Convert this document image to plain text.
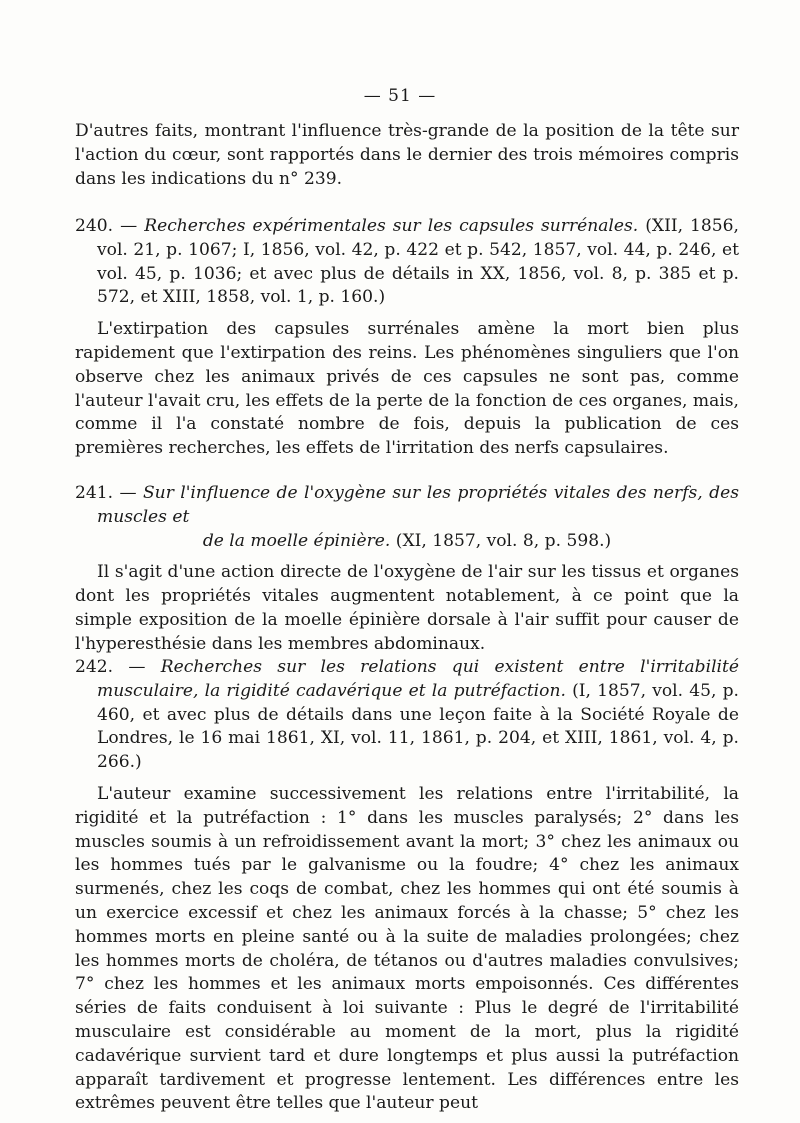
— 51 —

D'autres faits, montrant l'influence très-grande de la position de la tête sur l'action du cœur, sont rapportés dans le dernier des trois mémoires compris dans les indications du n° 239.

240. — Recherches expérimentales sur les capsules surrénales. (XII, 1856, vol. 21, p. 1067; I, 1856, vol. 42, p. 422 et p. 542, 1857, vol. 44, p. 246, et vol. 45, p. 1036; et avec plus de détails in XX, 1856, vol. 8, p. 385 et p. 572, et XIII, 1858, vol. 1, p. 160.)

L'extirpation des capsules surrénales amène la mort bien plus rapidement que l'extirpation des reins. Les phénomènes singuliers que l'on observe chez les animaux privés de ces capsules ne sont pas, comme l'auteur l'avait cru, les effets de la perte de la fonction de ces organes, mais, comme il l'a constaté nombre de fois, depuis la publication de ces premières recherches, les effets de l'irritation des nerfs capsulaires.

241. — Sur l'influence de l'oxygène sur les propriétés vitales des nerfs, des muscles et

de la moelle épinière. (XI, 1857, vol. 8, p. 598.)

Il s'agit d'une action directe de l'oxygène de l'air sur les tissus et organes dont les propriétés vitales augmentent notablement, à ce point que la simple exposition de la moelle épinière dorsale à l'air suffit pour causer de l'hyperesthésie dans les membres abdominaux.

242. — Recherches sur les relations qui existent entre l'irritabilité musculaire, la rigidité cadavérique et la putréfaction. (I, 1857, vol. 45, p. 460, et avec plus de détails dans une leçon faite à la Société Royale de Londres, le 16 mai 1861, XI, vol. 11, 1861, p. 204, et XIII, 1861, vol. 4, p. 266.)

L'auteur examine successivement les relations entre l'irritabilité, la rigidité et la putréfaction : 1° dans les muscles paralysés; 2° dans les muscles soumis à un refroidissement avant la mort; 3° chez les animaux ou les hommes tués par le galvanisme ou la foudre; 4° chez les animaux surmenés, chez les coqs de combat, chez les hommes qui ont été soumis à un exercice excessif et chez les animaux forcés à la chasse; 5° chez les hommes morts en pleine santé ou à la suite de maladies prolongées; chez les hommes morts de choléra, de tétanos ou d'autres maladies convulsives; 7° chez les hommes et les animaux morts empoisonnés. Ces différentes séries de faits conduisent à loi suivante : Plus le degré de l'irritabilité musculaire est considérable au moment de la mort, plus la rigidité cadavérique survient tard et dure longtemps et plus aussi la putréfaction apparaît tardivement et progresse lentement. Les différences entre les extrêmes peuvent être telles que l'auteur peut
